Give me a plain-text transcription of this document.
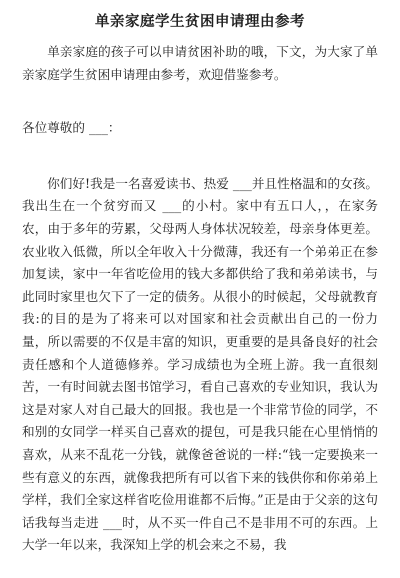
单亲家庭学生贫困申请理由参考

单亲家庭的孩子可以申请贫困补助的哦，下文，为大家了单亲家庭学生贫困申请理由参考，欢迎借鉴参考。

各位尊敬的 ___：

你们好!我是一名喜爱读书、热爱 ___并且性格温和的女孩。我出生在一个贫穷而又 ___的小村。家中有五口人，，在家务农，由于多年的劳累，父母两人身体状况较差，母亲身体更差。农业收入低微，所以全年收入十分微薄，我还有一个弟弟正在参加复读，家中一年省吃俭用的钱大多都供给了我和弟弟读书，与此同时家里也欠下了一定的债务。从很小的时候起，父母就教育我:的目的是为了将来可以对国家和社会贡献出自己的一份力量，所以需要的不仅是丰富的知识，更重要的是具备良好的社会责任感和个人道德修养。学习成绩也为全班上游。我一直很刻苦，一有时间就去图书馆学习，看自己喜欢的专业知识，我认为这是对家人对自己最大的回报。我也是一个非常节俭的同学，不和别的女同学一样买自己喜欢的提包，可是我只能在心里悄悄的喜欢，从来不乱花一分钱，就像爸爸说的一样:“钱一定要换来一些有意义的东西，就像我把所有可以省下来的钱供你和你弟弟上学样，我们全家这样省吃俭用谁都不后悔。”正是由于父亲的这句话我每当走进 ___时，从不买一件自己不是非用不可的东西。上大学一年以来，我深知上学的机会来之不易，我
